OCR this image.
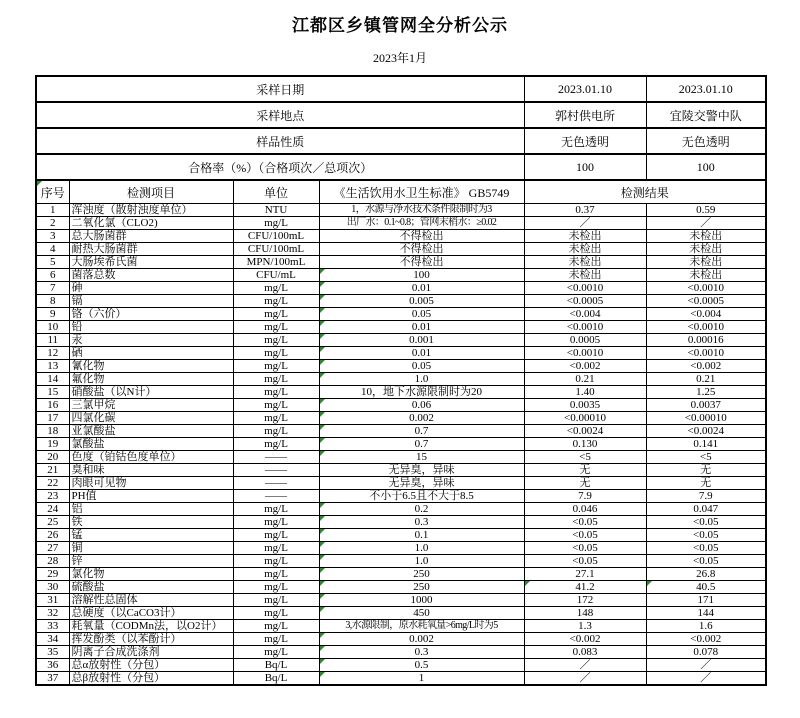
江都区乡镇管网全分析公示
2023年1月
采样日期				2023.01.10	2023.01.10
采样地点				郭村供电所	宜陵交警中队
样品性质				无色透明	无色透明
合格率（%）（合格项次／总项次）				100	100

序号	检测项目	单位	《生活饮用水卫生标准》 GB5749	检测结果	
1	浑浊度（散射浊度单位）	NTU	1，水源与净水技术条件限制时为3	0.37	0.59
2	二氧化氯（CLO2)	mg/L	出厂水：0.1~0.8；管网末梢水：≥0.02	／	／
3	总大肠菌群	CFU/100mL	不得检出	未检出	未检出
4	耐热大肠菌群	CFU/100mL	不得检出	未检出	未检出
5	大肠埃希氏菌	MPN/100mL	不得检出	未检出	未检出
6	菌落总数	CFU/mL	100	未检出	未检出
7	砷	mg/L	0.01	<0.0010	<0.0010
8	镉	mg/L	0.005	<0.0005	<0.0005
9	铬（六价）	mg/L	0.05	<0.004	<0.004
10	铅	mg/L	0.01	<0.0010	<0.0010
11	汞	mg/L	0.001	0.0005	0.00016
12	硒	mg/L	0.01	<0.0010	<0.0010
13	氰化物	mg/L	0.05	<0.002	<0.002
14	氟化物	mg/L	1.0	0.21	0.21
15	硝酸盐（以N计）	mg/L	10，地下水源限制时为20	1.40	1.25
16	三氯甲烷	mg/L	0.06	0.0035	0.0037
17	四氯化碳	mg/L	0.002	<0.00010	<0.00010
18	亚氯酸盐	mg/L	0.7	<0.0024	<0.0024
19	氯酸盐	mg/L	0.7	0.130	0.141
20	色度（铂钴色度单位）	——	15	<5	<5
21	臭和味	——	无异臭，异味	无	无
22	肉眼可见物	——	无异臭，异味	无	无
23	PH值	——	不小于6.5且不大于8.5	7.9	7.9
24	铝	mg/L	0.2	0.046	0.047
25	铁	mg/L	0.3	<0.05	<0.05
26	锰	mg/L	0.1	<0.05	<0.05
27	铜	mg/L	1.0	<0.05	<0.05
28	锌	mg/L	1.0	<0.05	<0.05
29	氯化物	mg/L	250	27.1	26.8
30	硫酸盐	mg/L	250	41.2	40.5
31	溶解性总固体	mg/L	1000	172	171
32	总硬度（以CaCO3计）	mg/L	450	148	144
33	耗氧量（CODMn法，以O2计）	mg/L	3,水源限制，原水耗氧量>6mg/L时为5	1.3	1.6
34	挥发酚类（以苯酚计）	mg/L	0.002	<0.002	<0.002
35	阴离子合成洗涤剂	mg/L	0.3	0.083	0.078
36	总α放射性（分包）	Bq/L	0.5	／	／
37	总β放射性（分包）	Bq/L	1	／	／
